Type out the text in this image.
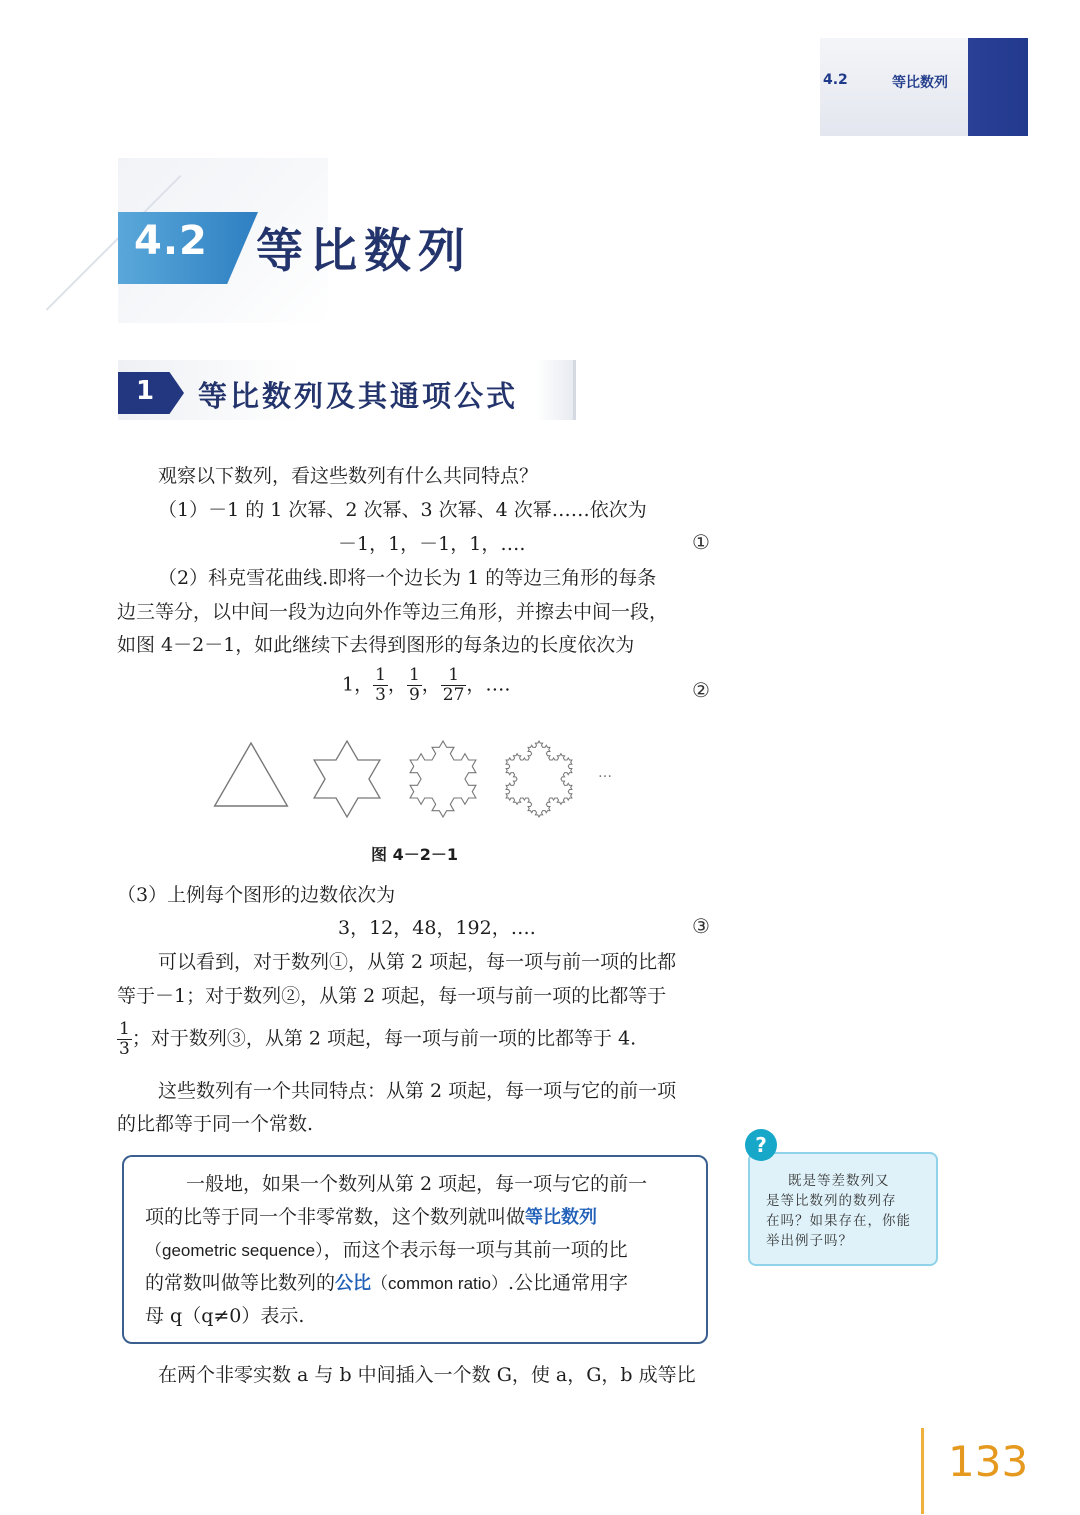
4.2	等比数列
4.2 等比数列
1 等比数列及其通项公式
观察以下数列，看这些数列有什么共同特点？
（1）－1 的 1 次幂、2 次幂、3 次幂、4 次幂……依次为
－1，1，－1，1，….	①
（2）科克雪花曲线.即将一个边长为 1 的等边三角形的每条
边三等分，以中间一段为边向外作等边三角形，并擦去中间一段，
如图 4－2－1，如此继续下去得到图形的每条边的长度依次为
1， $\frac{1}{3}$ ， $\frac{1}{9}$ ， $\frac{1}{27}$ ，….	②
…
图 4－2－1
（3）上例每个图形的边数依次为
3，12，48，192，….	③
可以看到，对于数列①，从第 2 项起，每一项与前一项的比都
等于－1；对于数列②，从第 2 项起，每一项与前一项的比都等于
$\frac{1}{3}$ ；对于数列③，从第 2 项起，每一项与前一项的比都等于 4.
这些数列有一个共同特点：从第 2 项起，每一项与它的前一项
的比都等于同一个常数.
一般地，如果一个数列从第 2 项起，每一项与它的前一
项的比等于同一个非零常数，这个数列就叫做等比数列
（geometric sequence），而这个表示每一项与其前一项的比
的常数叫做等比数列的公比（common ratio）.公比通常用字
母 q（q≠0）表示.
在两个非零实数 a 与 b 中间插入一个数 G，使 a，G，b 成等比
?
既是等差数列又
是等比数列的数列存
在吗？如果存在，你能
举出例子吗？
133
